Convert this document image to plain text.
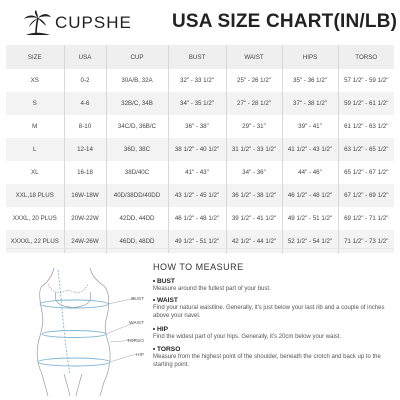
CUPSHE USA SIZE CHART(IN/LB)
SIZE	USA	CUP	BUST	WAIST	HIPS	TORSO
XS	0-2	30A/B, 32A	32" - 33 1/2"	25" - 26 1/2"	35" - 36 1/2"	57 1/2" - 59 1/2"
S	4-6	32B/C, 34B	34" - 35 1/2"	27" - 28 1/2"	37" - 38 1/2"	59 1/2" - 61 1/2"
M	8-10	34C/D, 36B/C	36" - 38"	29" - 31"	39" - 41"	61 1/2" - 63 1/2"
L	12-14	36D, 38C	38 1/2" - 40 1/2"	31 1/2" - 33 1/2"	41 1/2" - 43 1/2"	63 1/2" - 65 1/2"
XL	16-18	38D/40C	41" - 43"	34" - 36"	44" - 46"	65 1/2" - 67 1/2"
XXL,18 PLUS	16W-18W	40D/38DD/40DD	43 1/2" - 45 1/2"	36 1/2" - 38 1/2"	46 1/2" - 48 1/2"	67 1/2" - 69 1/2"
XXXL, 20 PLUS	20W-22W	42DD, 44DD	46 1/2" - 48 1/2"	39 1/2" - 41 1/2"	49 1/2" - 51 1/2"	69 1/2" - 71 1/2"
XXXXL, 22 PLUS	24W-26W	46DD, 48DD	49 1/2" - 51 1/2"	42 1/2" - 44 1/2"	52 1/2" - 54 1/2"	71 1/2" - 73 1/2"
BUST
WAIST
TORSO
HIP
HOW TO MEASURE
BUST
Measure around the fullest part of your bust.
WAIST
Find your natural waistline. Generally, it's just below your last rib and a couple of inches above your navel.
HIP
Find the widest part of your hips. Generally, it's 20cm below your waist.
TORSO
Measure from the highest point of the shoulder, beneath the crotch and back up to the starting point.
